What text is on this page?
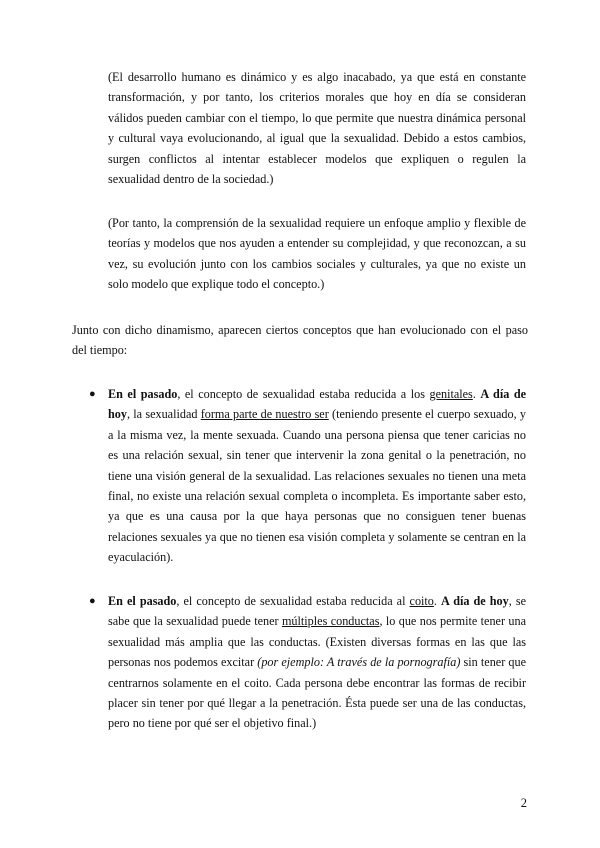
(El desarrollo humano es dinámico y es algo inacabado, ya que está en constante transformación, y por tanto, los criterios morales que hoy en día se consideran válidos pueden cambiar con el tiempo, lo que permite que nuestra dinámica personal y cultural vaya evolucionando, al igual que la sexualidad. Debido a estos cambios, surgen conflictos al intentar establecer modelos que expliquen o regulen la sexualidad dentro de la sociedad.)

(Por tanto, la comprensión de la sexualidad requiere un enfoque amplio y flexible de teorías y modelos que nos ayuden a entender su complejidad, y que reconozcan, a su vez, su evolución junto con los cambios sociales y culturales, ya que no existe un solo modelo que explique todo el concepto.)

Junto con dicho dinamismo, aparecen ciertos conceptos que han evolucionado con el paso del tiempo:

● En el pasado, el concepto de sexualidad estaba reducida a los genitales. A día de hoy, la sexualidad forma parte de nuestro ser (teniendo presente el cuerpo sexuado, y a la misma vez, la mente sexuada. Cuando una persona piensa que tener caricias no es una relación sexual, sin tener que intervenir la zona genital o la penetración, no tiene una visión general de la sexualidad. Las relaciones sexuales no tienen una meta final, no existe una relación sexual completa o incompleta. Es importante saber esto, ya que es una causa por la que haya personas que no consiguen tener buenas relaciones sexuales ya que no tienen esa visión completa y solamente se centran en la eyaculación).

● En el pasado, el concepto de sexualidad estaba reducida al coito. A día de hoy, se sabe que la sexualidad puede tener múltiples conductas, lo que nos permite tener una sexualidad más amplia que las conductas. (Existen diversas formas en las que las personas nos podemos excitar (por ejemplo: A través de la pornografía) sin tener que centrarnos solamente en el coito. Cada persona debe encontrar las formas de recibir placer sin tener por qué llegar a la penetración. Ésta puede ser una de las conductas, pero no tiene por qué ser el objetivo final.)

2
